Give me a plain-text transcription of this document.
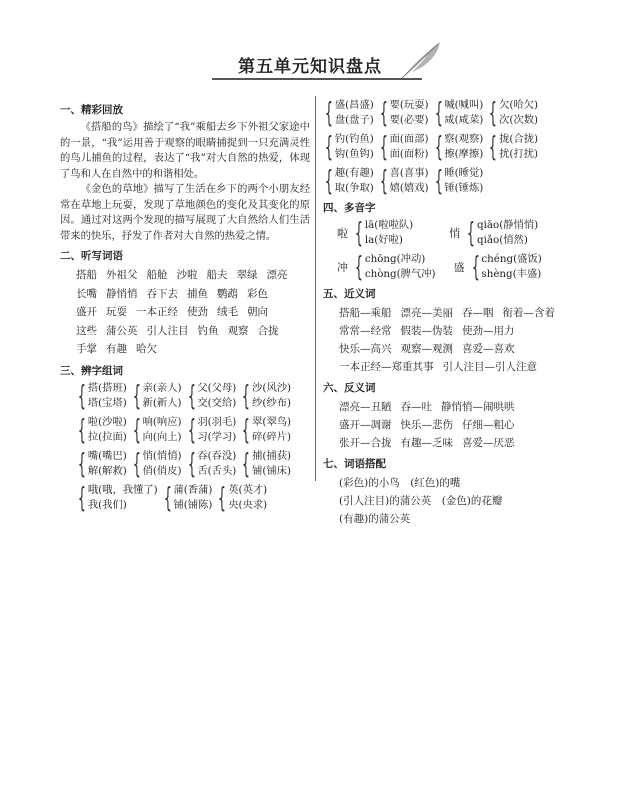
第五单元知识盘点
一、精彩回放

《搭船的鸟》描绘了“我”乘船去乡下外祖父家途中的一景，“我”运用善于观察的眼睛捕捉到一只充满灵性的鸟儿捕鱼的过程，表达了“我”对大自然的热爱，体现了鸟和人在自然中的和谐相处。

《金色的草地》描写了生活在乡下的两个小朋友经常在草地上玩耍，发现了草地颜色的变化及其变化的原因。通过对这两个发现的描写展现了大自然给人们生活带来的快乐，抒发了作者对大自然的热爱之情。

二、听写词语
搭船 外祖父 船舱 沙啦 船夫 翠绿 漂亮
长嘴 静悄悄 吞下去 捕鱼 鹦鹉 彩色
盛开 玩耍 一本正经 使劲 绒毛 朝向
这些 蒲公英 引人注目 钓鱼 观察 合拢
手掌 有趣 哈欠
三、辨字组词
{ 搭(搭班)
塔(宝塔) { 亲(亲人)
新(新人) { 父(父母)
交(交给) { 沙(风沙)
纱(纱布)
{ 啦(沙啦)
拉(拉面) { 响(响应)
向(向上) { 羽(羽毛)
习(学习) { 翠(翠鸟)
碎(碎片)
{ 嘴(嘴巴)
解(解救) { 悄(悄悄)
俏(俏皮) { 吞(吞没)
舌(舌头) { 捕(捕获)
铺(铺床)
{ 哦(哦，我懂了)
我(我们)	{ 蒲(香蒲)
铺(铺陈) { 英(英才)
央(央求)
{ 盛(昌盛)
盘(盘子) { 要(玩耍)
要(必要) { 喊(喊叫)
咸(咸菜) { 欠(哈欠)
次(次数)
{ 钓(钓鱼)
钩(鱼钩) { 面(面部)
面(面粉) { 察(观察)
擦(摩擦) { 拢(合拢)
扰(打扰)
{ 趣(有趣)
取(争取) { 喜(喜事)
嬉(嬉戏) { 睡(睡觉)
锤(锤炼)
四、多音字
啦 { lā(啦啦队)
la(好啦)	悄 { qiāo(静悄悄)
qiǎo(悄然)
冲 { chōng(冲动)
chòng(脾气冲) 盛 { chéng(盛饭)
shèng(丰盛)
五、近义词
搭船—乘船 漂亮—美丽 吞—咽 衔着—含着
常常—经常 假装—伪装 使劲—用力
快乐—高兴 观察—观测 喜爱—喜欢
一本正经—郑重其事 引人注目—引人注意
六、反义词
漂亮—丑陋 吞—吐 静悄悄—闹哄哄
盛开—凋谢 快乐—悲伤 仔细—粗心
张开—合拢 有趣—乏味 喜爱—厌恶
七、词语搭配
(彩色)的小鸟　(红色)的嘴
(引人注目)的蒲公英　(金色)的花瓣
(有趣)的蒲公英
